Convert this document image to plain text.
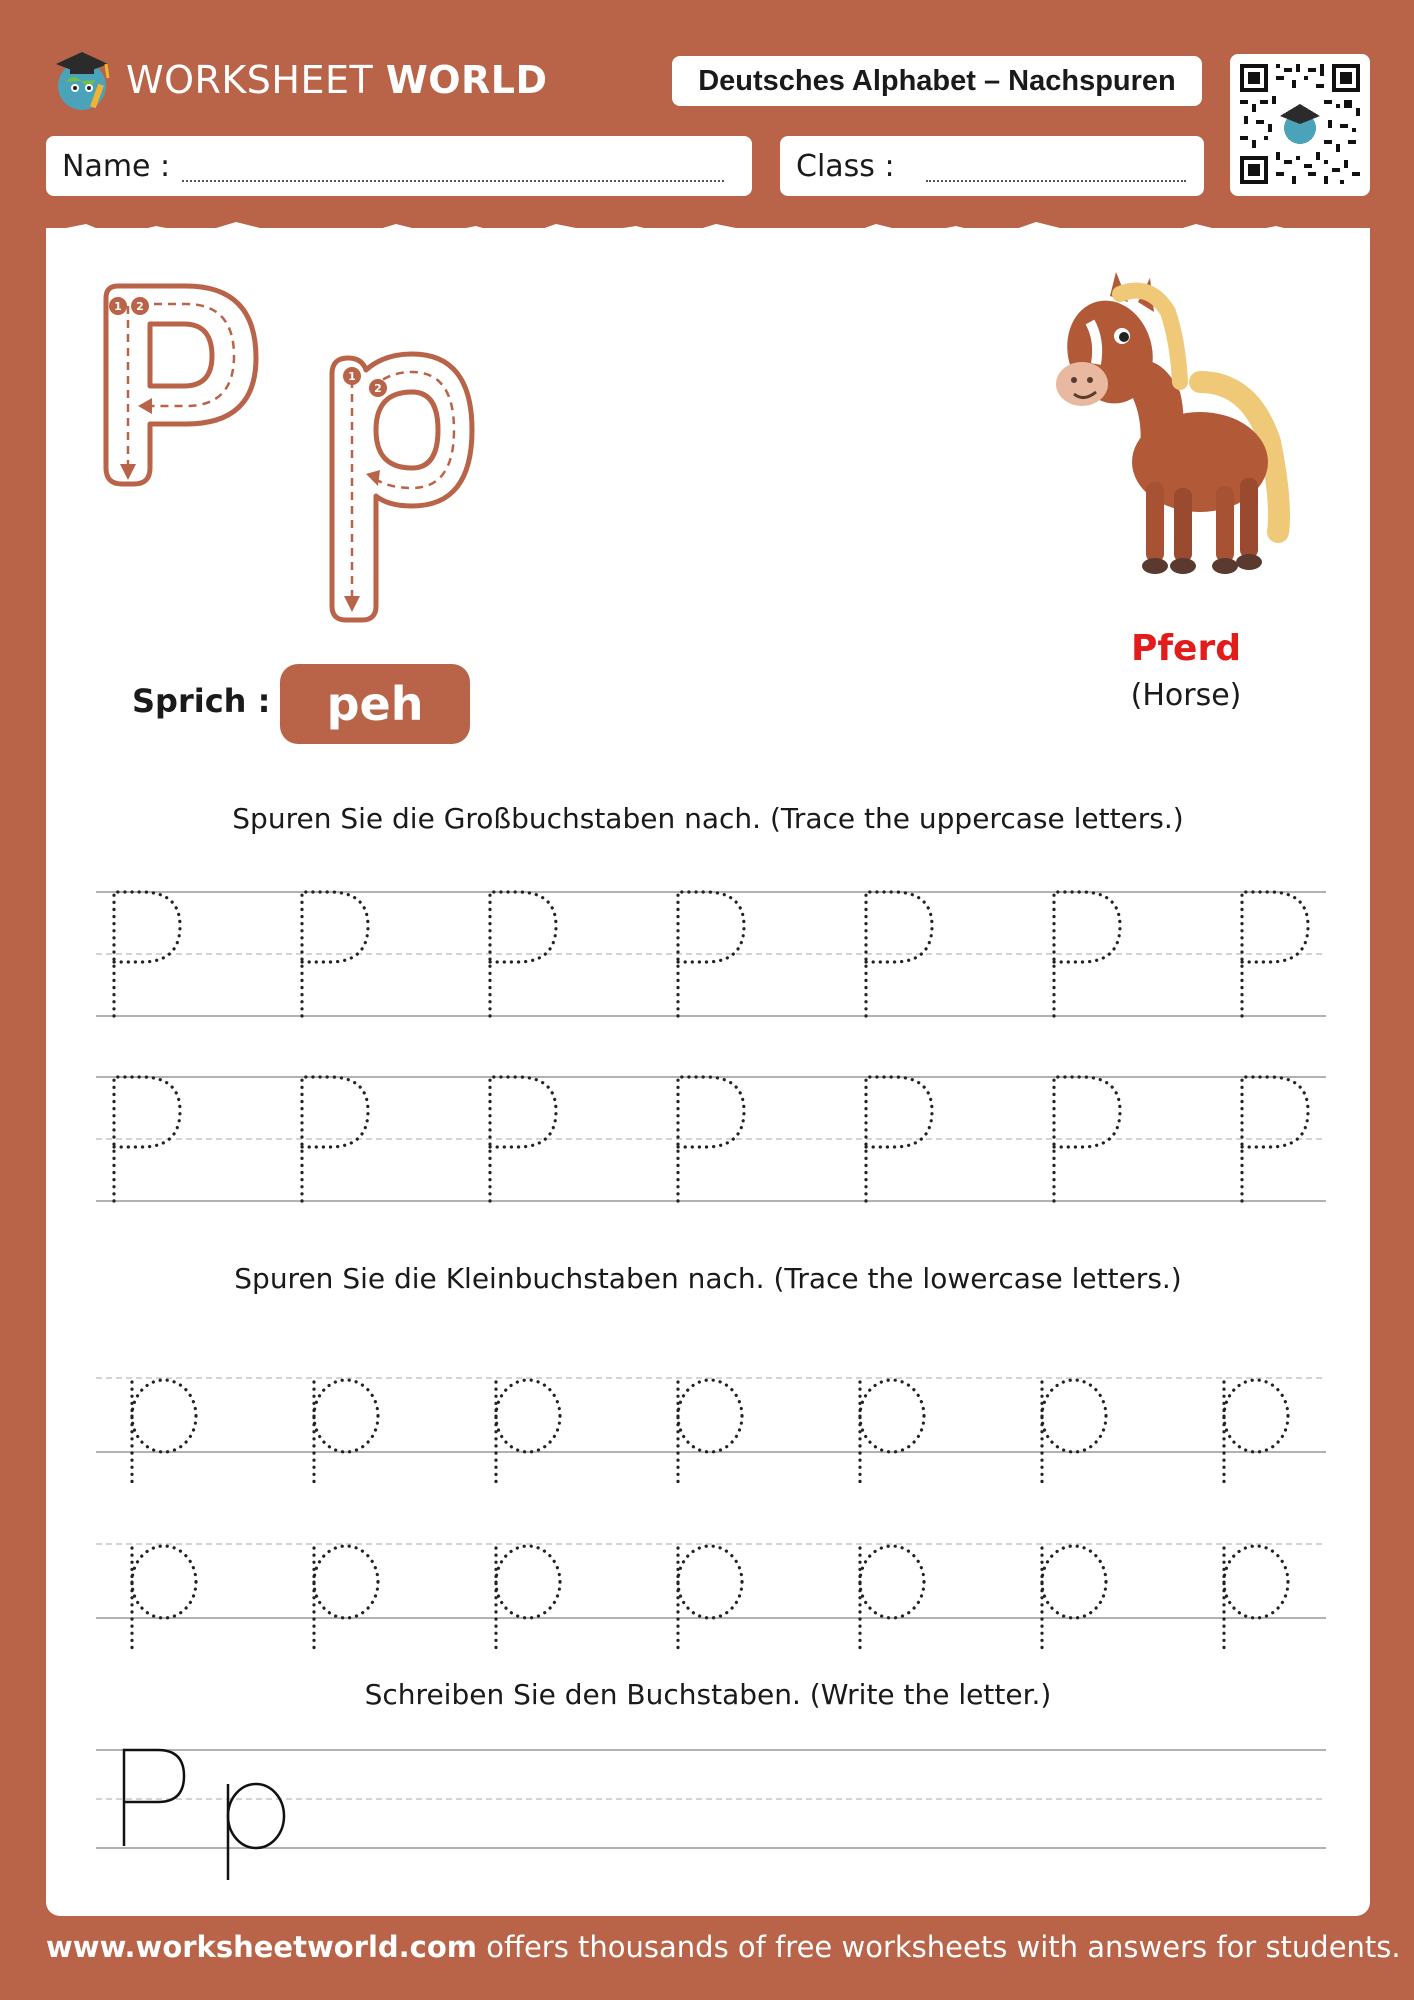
WORKSHEET WORLD	Deutsches Alphabet – Nachspuren
Name :	Class :
1 2
1
2
Sprich :	peh
Pferd
(Horse)
Spuren Sie die Großbuchstaben nach. (Trace the uppercase letters.)
Spuren Sie die Kleinbuchstaben nach. (Trace the lowercase letters.)
Schreiben Sie den Buchstaben. (Write the letter.)
www.worksheetworld.com offers thousands of free worksheets with answers for students.
